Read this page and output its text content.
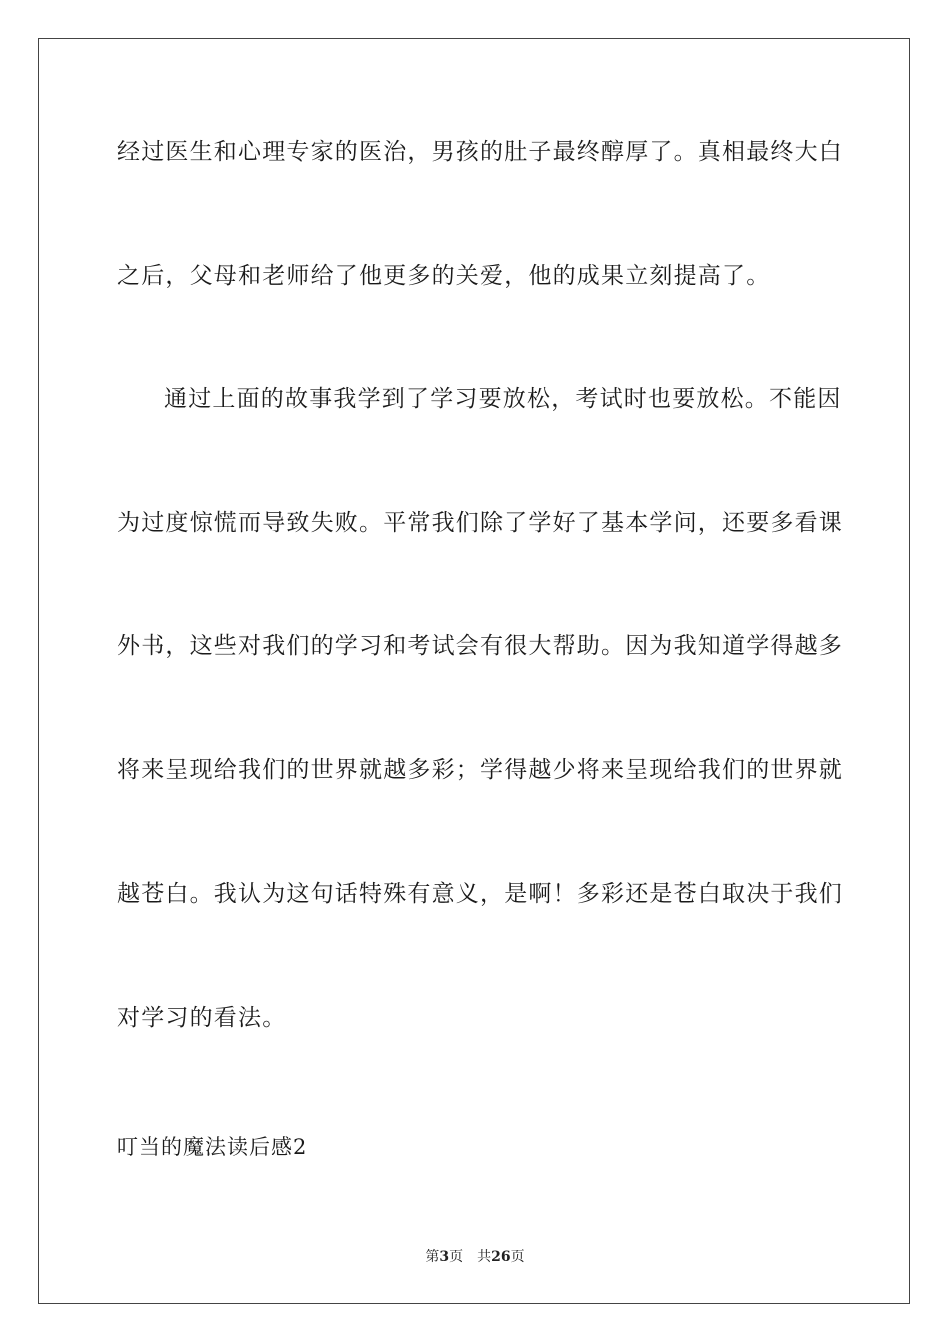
经过医生和心理专家的医治，男孩的肚子最终醇厚了。真相最终大白
之后，父母和老师给了他更多的关爱，他的成果立刻提高了。
通过上面的故事我学到了学习要放松，考试时也要放松。不能因
为过度惊慌而导致失败。平常我们除了学好了基本学问，还要多看课
外书，这些对我们的学习和考试会有很大帮助。因为我知道学得越多
将来呈现给我们的世界就越多彩；学得越少将来呈现给我们的世界就
越苍白。我认为这句话特殊有意义，是啊！多彩还是苍白取决于我们
对学习的看法。
叮当的魔法读后感2
第3页 共26页
